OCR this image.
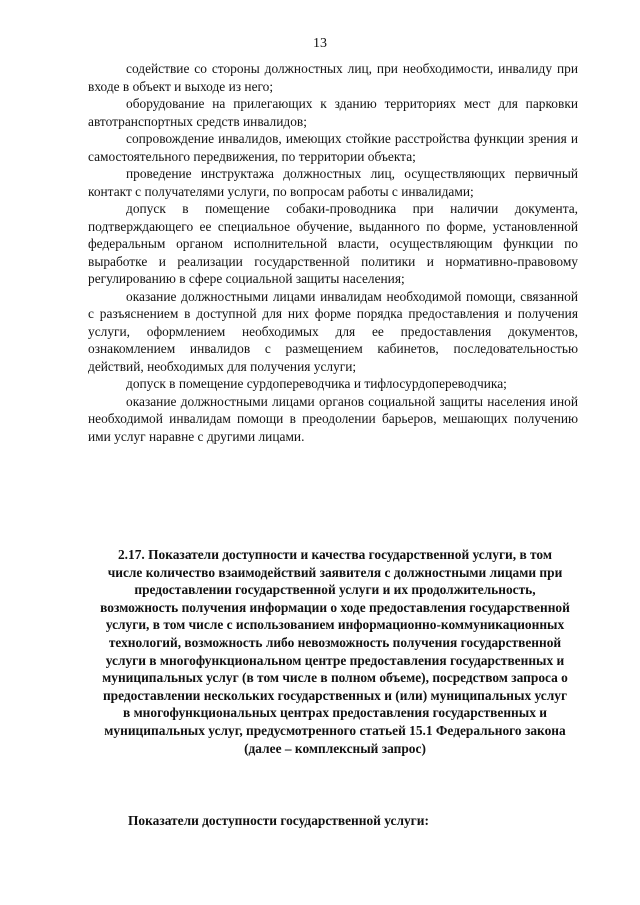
13

содействие со стороны должностных лиц, при необходимости, инвалиду при входе в объект и выходе из него;

оборудование на прилегающих к зданию территориях мест для парковки автотранспортных средств инвалидов;

сопровождение инвалидов, имеющих стойкие расстройства функции зрения и самостоятельного передвижения, по территории объекта;

проведение инструктажа должностных лиц, осуществляющих первичный контакт с получателями услуги, по вопросам работы с инвалидами;

допуск в помещение собаки-проводника при наличии документа, подтверждающего ее специальное обучение, выданного по форме, установленной федеральным органом исполнительной власти, осуществляющим функции по выработке и реализации государственной политики и нормативно-правовому регулированию в сфере социальной защиты населения;

оказание должностными лицами инвалидам необходимой помощи, связанной с разъяснением в доступной для них форме порядка предоставления и получения услуги, оформлением необходимых для ее предоставления документов, ознакомлением инвалидов с размещением кабинетов, последовательностью действий, необходимых для получения услуги;

допуск в помещение сурдопереводчика и тифлосурдопереводчика;

оказание должностными лицами органов социальной защиты населения иной необходимой инвалидам помощи в преодолении барьеров, мешающих получению ими услуг наравне с другими лицами.

2.17. Показатели доступности и качества государственной услуги, в том числе количество взаимодействий заявителя с должностными лицами при предоставлении государственной услуги и их продолжительность, возможность получения информации о ходе предоставления государственной услуги, в том числе с использованием информационно-коммуникационных технологий, возможность либо невозможность получения государственной услуги в многофункциональном центре предоставления государственных и муниципальных услуг (в том числе в полном объеме), посредством запроса о предоставлении нескольких государственных и (или) муниципальных услуг в многофункциональных центрах предоставления государственных и муниципальных услуг, предусмотренного статьей 15.1 Федерального закона (далее – комплексный запрос)

Показатели доступности государственной услуги:
